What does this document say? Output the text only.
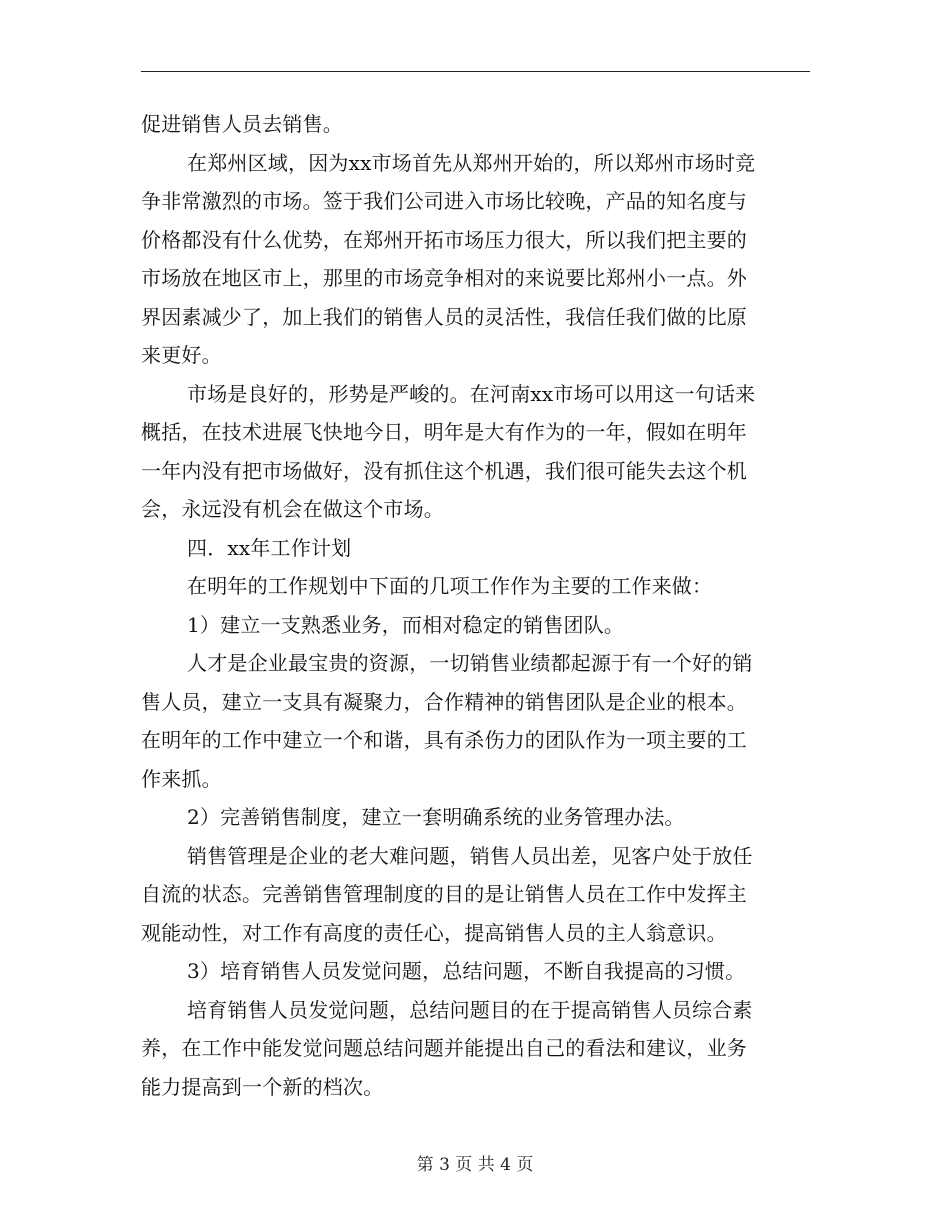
促进销售人员去销售。
在郑州区域，因为xx市场首先从郑州开始的，所以郑州市场时竞
争非常激烈的市场。签于我们公司进入市场比较晚，产品的知名度与
价格都没有什么优势，在郑州开拓市场压力很大，所以我们把主要的
市场放在地区市上，那里的市场竞争相对的来说要比郑州小一点。外
界因素减少了，加上我们的销售人员的灵活性，我信任我们做的比原
来更好。
市场是良好的，形势是严峻的。在河南xx市场可以用这一句话来
概括，在技术进展飞快地今日，明年是大有作为的一年，假如在明年
一年内没有把市场做好，没有抓住这个机遇，我们很可能失去这个机
会，永远没有机会在做这个市场。
四．xx年工作计划
在明年的工作规划中下面的几项工作作为主要的工作来做：
1）建立一支熟悉业务，而相对稳定的销售团队。
人才是企业最宝贵的资源，一切销售业绩都起源于有一个好的销
售人员，建立一支具有凝聚力，合作精神的销售团队是企业的根本。
在明年的工作中建立一个和谐，具有杀伤力的团队作为一项主要的工
作来抓。
2）完善销售制度，建立一套明确系统的业务管理办法。
销售管理是企业的老大难问题，销售人员出差，见客户处于放任
自流的状态。完善销售管理制度的目的是让销售人员在工作中发挥主
观能动性，对工作有高度的责任心，提高销售人员的主人翁意识。
3）培育销售人员发觉问题，总结问题，不断自我提高的习惯。
培育销售人员发觉问题，总结问题目的在于提高销售人员综合素
养，在工作中能发觉问题总结问题并能提出自己的看法和建议，业务
能力提高到一个新的档次。
第 3 页 共 4 页
